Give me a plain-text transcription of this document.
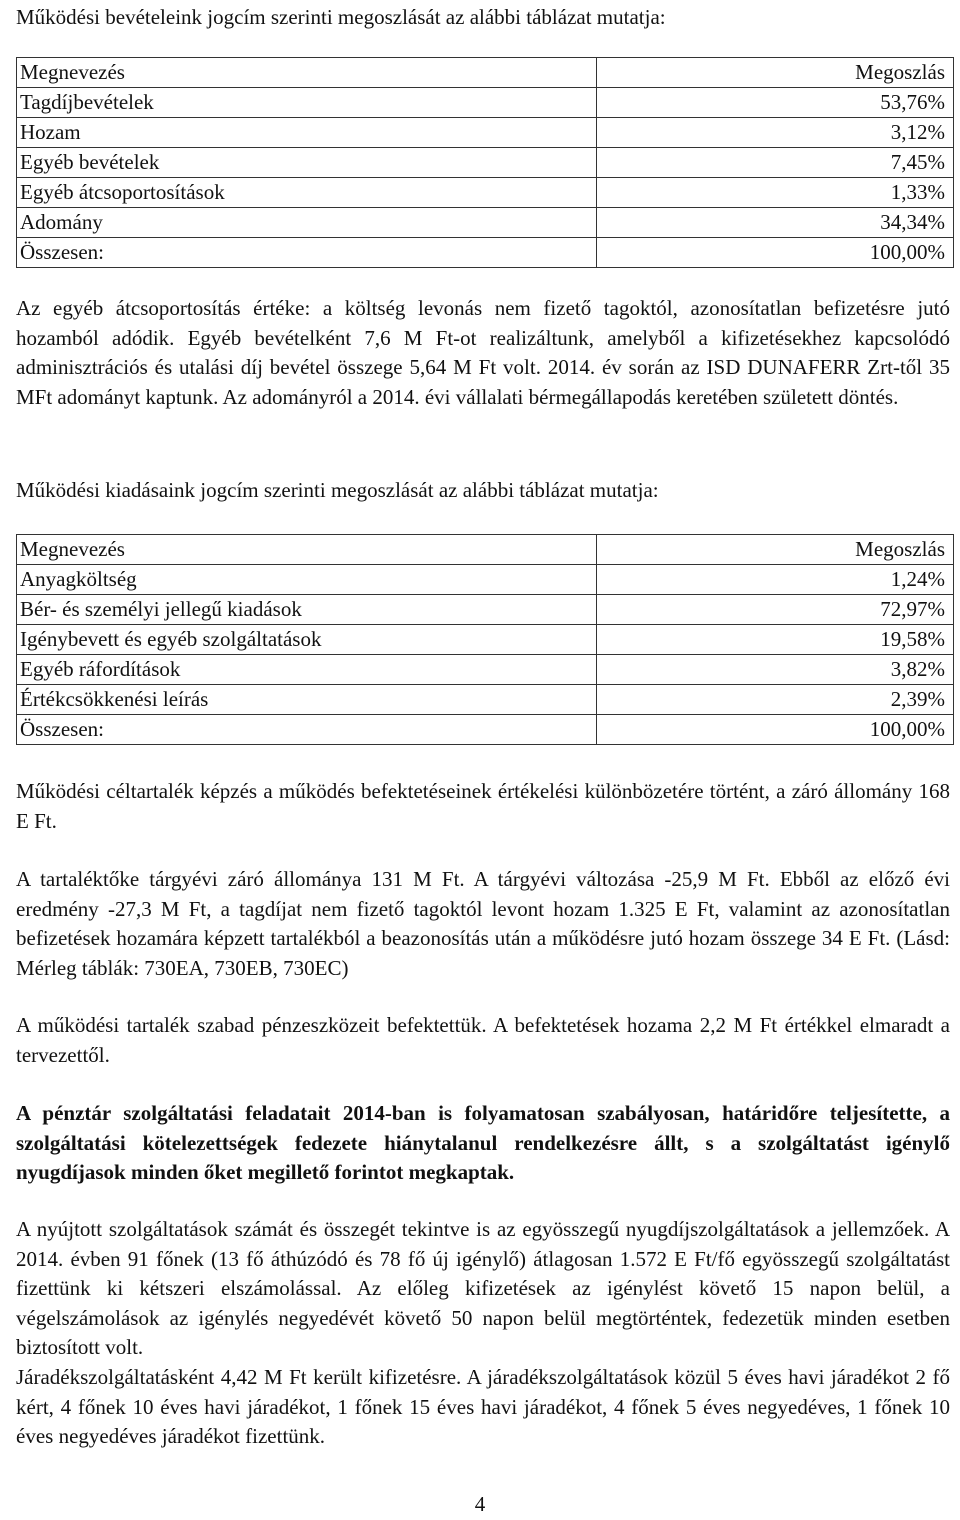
Működési bevételeink jogcím szerinti megoszlását az alábbi táblázat mutatja:

Megnevezés	Megoszlás
Tagdíjbevételek	53,76%
Hozam	3,12%
Egyéb bevételek	7,45%
Egyéb átcsoportosítások	1,33%
Adomány	34,34%
Összesen:	100,00%

Az egyéb átcsoportosítás értéke: a költség levonás nem fizető tagoktól, azonosítatlan befizetésre jutó hozamból adódik. Egyéb bevételként 7,6 M Ft-ot realizáltunk, amelyből a kifizetésekhez kapcsolódó adminisztrációs és utalási díj bevétel összege 5,64 M Ft volt. 2014. év során az ISD DUNAFERR Zrt-től 35 MFt adományt kaptunk. Az adományról a 2014. évi vállalati bérmegállapodás keretében született döntés.

Működési kiadásaink jogcím szerinti megoszlását az alábbi táblázat mutatja:

Megnevezés	Megoszlás
Anyagköltség	1,24%
Bér- és személyi jellegű kiadások	72,97%
Igénybevett és egyéb szolgáltatások	19,58%
Egyéb ráfordítások	3,82%
Értékcsökkenési leírás	2,39%
Összesen:	100,00%

Működési céltartalék képzés a működés befektetéseinek értékelési különbözetére történt, a záró állomány 168 E Ft.

A tartaléktőke tárgyévi záró állománya 131 M Ft. A tárgyévi változása -25,9 M Ft. Ebből az előző évi eredmény -27,3 M Ft, a tagdíjat nem fizető tagoktól levont hozam 1.325 E Ft, valamint az azonosítatlan befizetések hozamára képzett tartalékból a beazonosítás után a működésre jutó hozam összege 34 E Ft. (Lásd: Mérleg táblák: 730EA, 730EB, 730EC)

A működési tartalék szabad pénzeszközeit befektettük. A befektetések hozama 2,2 M Ft értékkel elmaradt a tervezettől.

A pénztár szolgáltatási feladatait 2014-ban is folyamatosan szabályosan, határidőre teljesítette, a szolgáltatási kötelezettségek fedezete hiánytalanul rendelkezésre állt, s a szolgáltatást igénylő nyugdíjasok minden őket megillető forintot megkaptak.

A nyújtott szolgáltatások számát és összegét tekintve is az egyösszegű nyugdíjszolgáltatások a jellemzőek. A 2014. évben 91 főnek (13 fő áthúzódó és 78 fő új igénylő) átlagosan 1.572 E Ft/fő egyösszegű szolgáltatást fizettünk ki kétszeri elszámolással. Az előleg kifizetések az igénylést követő 15 napon belül, a végelszámolások az igénylés negyedévét követő 50 napon belül megtörténtek, fedezetük minden esetben biztosított volt.

Járadékszolgáltatásként 4,42 M Ft került kifizetésre. A járadékszolgáltatások közül 5 éves havi járadékot 2 fő kért, 4 főnek 10 éves havi járadékot, 1 főnek 15 éves havi járadékot, 4 főnek 5 éves negyedéves, 1 főnek 10 éves negyedéves járadékot fizettünk.

4
